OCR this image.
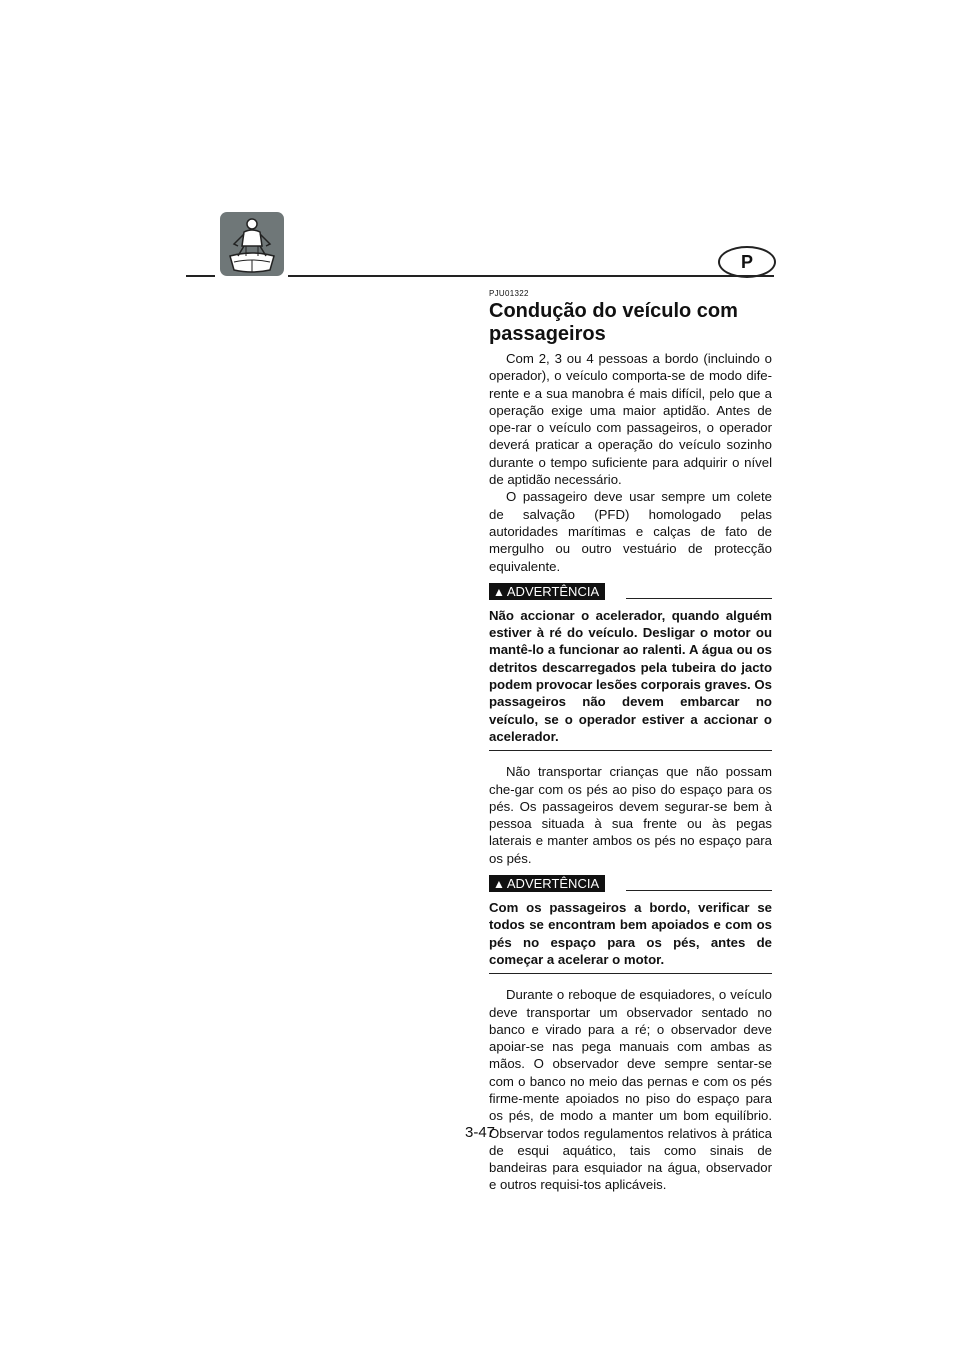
P
PJU01322
Condução do veículo com passageiros

Com 2, 3 ou 4 pessoas a bordo (incluindo o operador), o veículo comporta-se de modo dife-rente e a sua manobra é mais difícil, pelo que a operação exige uma maior aptidão. Antes de ope-rar o veículo com passageiros, o operador deverá praticar a operação do veículo sozinho durante o tempo suficiente para adquirir o nível de aptidão necessário.

O passageiro deve usar sempre um colete de salvação (PFD) homologado pelas autoridades marítimas e calças de fato de mergulho ou outro vestuário de protecção equivalente.

▲ ADVERTÊNCIA

Não accionar o acelerador, quando alguém estiver à ré do veículo. Desligar o motor ou mantê-lo a funcionar ao ralenti. A água ou os detritos descarregados pela tubeira do jacto podem provocar lesões corporais graves. Os passageiros não devem embarcar no veículo, se o operador estiver a accionar o acelerador.

Não transportar crianças que não possam che-gar com os pés ao piso do espaço para os pés. Os passageiros devem segurar-se bem à pessoa situada à sua frente ou às pegas laterais e manter ambos os pés no espaço para os pés.

▲ ADVERTÊNCIA

Com os passageiros a bordo, verificar se todos se encontram bem apoiados e com os pés no espaço para os pés, antes de começar a acelerar o motor.

Durante o reboque de esquiadores, o veículo deve transportar um observador sentado no banco e virado para a ré; o observador deve apoiar-se nas pega manuais com ambas as mãos. O observador deve sempre sentar-se com o banco no meio das pernas e com os pés firme-mente apoiados no piso do espaço para os pés, de modo a manter um bom equilíbrio. Observar todos regulamentos relativos à prática de esqui aquático, tais como sinais de bandeiras para esquiador na água, observador e outros requisi-tos aplicáveis.

3-47
